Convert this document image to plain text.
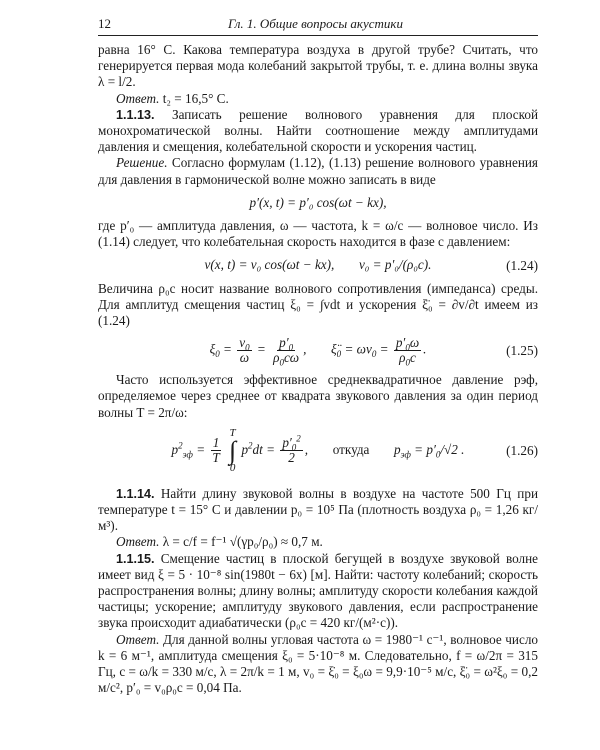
12	Гл. 1. Общие вопросы акустики

равна 16° С. Какова температура воздуха в другой трубе? Считать, что генерируется первая мода колебаний закрытой трубы, т. е. длина волны звука λ = l/2.

Ответ. t₂ = 16,5° С.

1.1.13. Записать решение волнового уравнения для плоской монохроматической волны. Найти соотношение между амплитудами давления и смещения, колебательной скорости и ускорения частиц.

Решение. Согласно формулам (1.12), (1.13) решение волнового уравнения для давления в гармонической волне можно записать в виде

p′(x, t) = p′₀ cos(ωt − kx),

где p′₀ — амплитуда давления, ω — частота, k = ω/c — волновое число. Из (1.14) следует, что колебательная скорость находится в фазе с давлением:

v(x, t) = v₀ cos(ωt − kx), v₀ = p′₀/(ρ₀c).	(1.24)

Величина ρ₀c носит название волнового сопротивления (импеданса) среды. Для амплитуд смещения частиц ξ₀ = ∫vdt и ускорения ξ̈₀ = ∂v/∂t имеем из (1.24)

$\xi_0 = \frac{v_0}{\omega} = \frac{p'_0}{\rho_0c\omega}$ ,  $\xï_0 = \omega v_0 = \frac{p'_0\omega}{\rho_0c}$ .	(1.25)

Часто используется эффективное среднеквадратичное давление pэф, определяемое через среднее от квадрата звукового давления за один период волны T = 2π/ω:

$p^2_{эф} = \frac{1}{T}$

T
∫
0
$p^2dt = \frac{p'_0^2}{2}$ ,  откуда  $p_{эф} = p'_0/√2$ .	(1.26)

1.1.14. Найти длину звуковой волны в воздухе на частоте 500 Гц при температуре t = 15° С и давлении p₀ = 10⁵ Па (плотность воздуха ρ₀ = 1,26 кг/м³).

Ответ. λ = c/f = f⁻¹ √(γp₀/ρ₀) ≈ 0,7 м.

1.1.15. Смещение частиц в плоской бегущей в воздухе звуковой волне имеет вид ξ = 5 · 10⁻⁸ sin(1980t − 6x) [м]. Найти: частоту колебаний; скорость распространения волны; длину волны; амплитуду скорости колебания каждой частицы; ускорение; амплитуду звукового давления, если распространение звука происходит адиабатически (ρ₀c = 420 кг/(м²·с)).

Ответ. Для данной волны угловая частота ω = 1980⁻¹ с⁻¹, волновое число k = 6 м⁻¹, амплитуда смещения ξ₀ = 5·10⁻⁸ м. Следовательно, f = ω/2π = 315 Гц, c = ω/k = 330 м/с, λ = 2π/k = 1 м, v₀ = ξ̇₀ = ξ₀ω = 9,9·10⁻⁵ м/с, ξ̈₀ = ω²ξ₀ = 0,2 м/c², p′₀ = v₀ρ₀c = 0,04 Па.
